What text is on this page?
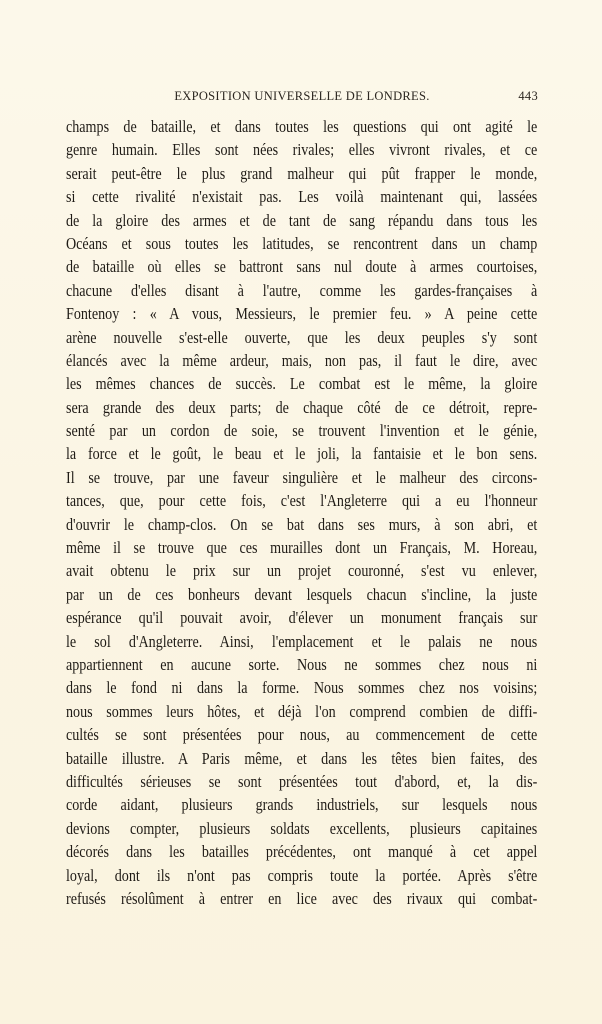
EXPOSITION UNIVERSELLE DE LONDRES.	443
champs de bataille, et dans toutes les questions qui ont agité le
genre humain. Elles sont nées rivales; elles vivront rivales, et ce
serait peut-être le plus grand malheur qui pût frapper le monde,
si cette rivalité n'existait pas. Les voilà maintenant qui, lassées
de la gloire des armes et de tant de sang répandu dans tous les
Océans et sous toutes les latitudes, se rencontrent dans un champ
de bataille où elles se battront sans nul doute à armes courtoises,
chacune d'elles disant à l'autre, comme les gardes-françaises à
Fontenoy : « A vous, Messieurs, le premier feu. » A peine cette
arène nouvelle s'est-elle ouverte, que les deux peuples s'y sont
élancés avec la même ardeur, mais, non pas, il faut le dire, avec
les mêmes chances de succès. Le combat est le même, la gloire
sera grande des deux parts; de chaque côté de ce détroit, repre-
senté par un cordon de soie, se trouvent l'invention et le génie,
la force et le goût, le beau et le joli, la fantaisie et le bon sens.
Il se trouve, par une faveur singulière et le malheur des circons-
tances, que, pour cette fois, c'est l'Angleterre qui a eu l'honneur
d'ouvrir le champ-clos. On se bat dans ses murs, à son abri, et
même il se trouve que ces murailles dont un Français, M. Horeau,
avait obtenu le prix sur un projet couronné, s'est vu enlever,
par un de ces bonheurs devant lesquels chacun s'incline, la juste
espérance qu'il pouvait avoir, d'élever un monument français sur
le sol d'Angleterre. Ainsi, l'emplacement et le palais ne nous
appartiennent en aucune sorte. Nous ne sommes chez nous ni
dans le fond ni dans la forme. Nous sommes chez nos voisins;
nous sommes leurs hôtes, et déjà l'on comprend combien de diffi-
cultés se sont présentées pour nous, au commencement de cette
bataille illustre. A Paris même, et dans les têtes bien faites, des
difficultés sérieuses se sont présentées tout d'abord, et, la dis-
corde aidant, plusieurs grands industriels, sur lesquels nous
devions compter, plusieurs soldats excellents, plusieurs capitaines
décorés dans les batailles précédentes, ont manqué à cet appel
loyal, dont ils n'ont pas compris toute la portée. Après s'être
refusés résolûment à entrer en lice avec des rivaux qui combat-
